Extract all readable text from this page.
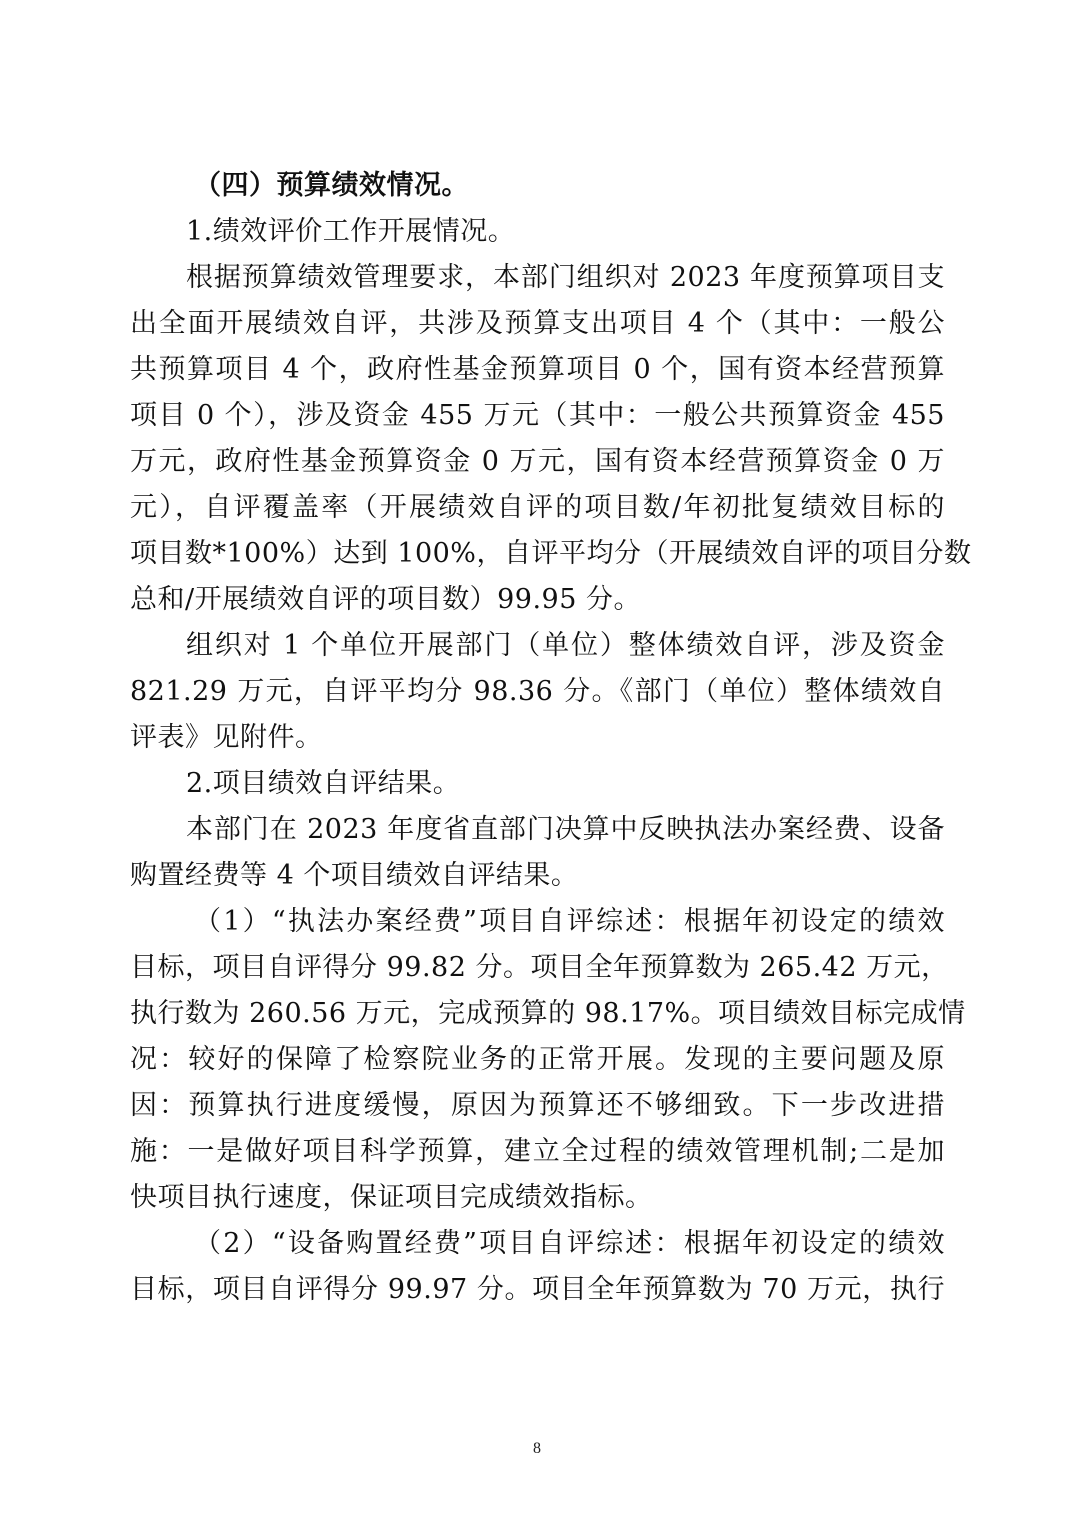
（四）预算绩效情况。
1.绩效评价工作开展情况。
根据预算绩效管理要求，本部门组织对 2023 年度预算项目支
出全面开展绩效自评，共涉及预算支出项目 4 个（其中：一般公
共预算项目 4 个，政府性基金预算项目 0 个，国有资本经营预算
项目 0 个），涉及资金 455 万元（其中：一般公共预算资金 455
万元，政府性基金预算资金 0 万元，国有资本经营预算资金 0 万
元），自评覆盖率（开展绩效自评的项目数/年初批复绩效目标的
项目数*100%）达到 100%，自评平均分（开展绩效自评的项目分数
总和/开展绩效自评的项目数）99.95 分。
组织对 1 个单位开展部门（单位）整体绩效自评，涉及资金
821.29 万元，自评平均分 98.36 分。《部门（单位）整体绩效自
评表》见附件。
2.项目绩效自评结果。
本部门在 2023 年度省直部门决算中反映执法办案经费、设备
购置经费等 4 个项目绩效自评结果。
（1）“执法办案经费”项目自评综述：根据年初设定的绩效
目标，项目自评得分 99.82 分。项目全年预算数为 265.42 万元，
执行数为 260.56 万元，完成预算的 98.17%。项目绩效目标完成情
况：较好的保障了检察院业务的正常开展。发现的主要问题及原
因：预算执行进度缓慢，原因为预算还不够细致。下一步改进措
施：一是做好项目科学预算，建立全过程的绩效管理机制;二是加
快项目执行速度，保证项目完成绩效指标。
（2）“设备购置经费”项目自评综述：根据年初设定的绩效
目标，项目自评得分 99.97 分。项目全年预算数为 70 万元，执行
8
